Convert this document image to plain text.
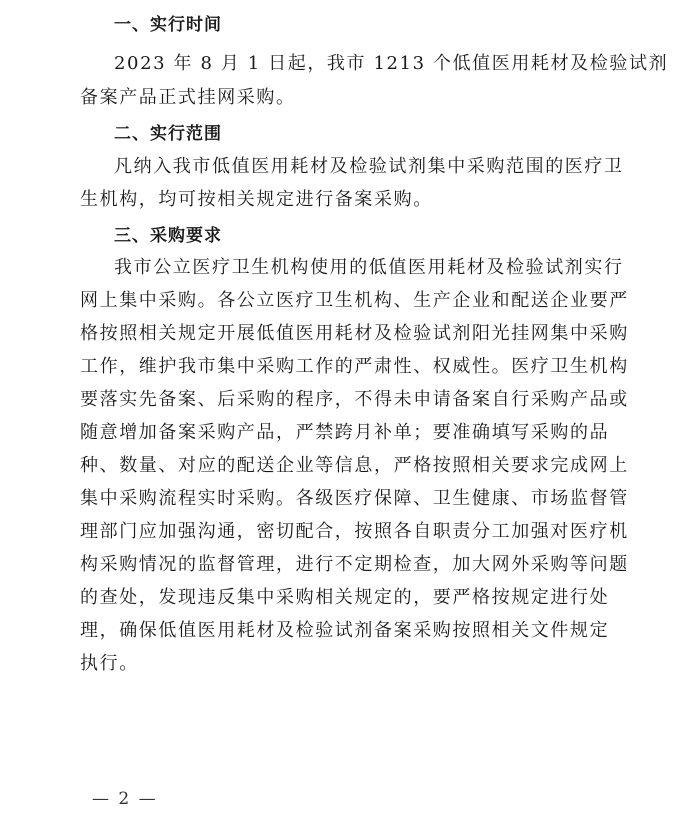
一、实行时间
2023 年 8 月 1 日起，我市 1213 个低值医用耗材及检验试剂
备案产品正式挂网采购。
二、实行范围
凡纳入我市低值医用耗材及检验试剂集中采购范围的医疗卫
生机构，均可按相关规定进行备案采购。
三、采购要求
我市公立医疗卫生机构使用的低值医用耗材及检验试剂实行
网上集中采购。各公立医疗卫生机构、生产企业和配送企业要严
格按照相关规定开展低值医用耗材及检验试剂阳光挂网集中采购
工作，维护我市集中采购工作的严肃性、权威性。医疗卫生机构
要落实先备案、后采购的程序，不得未申请备案自行采购产品或
随意增加备案采购产品，严禁跨月补单；要准确填写采购的品
种、数量、对应的配送企业等信息，严格按照相关要求完成网上
集中采购流程实时采购。各级医疗保障、卫生健康、市场监督管
理部门应加强沟通，密切配合，按照各自职责分工加强对医疗机
构采购情况的监督管理，进行不定期检查，加大网外采购等问题
的查处，发现违反集中采购相关规定的，要严格按规定进行处
理，确保低值医用耗材及检验试剂备案采购按照相关文件规定
执行。
— 2 —
